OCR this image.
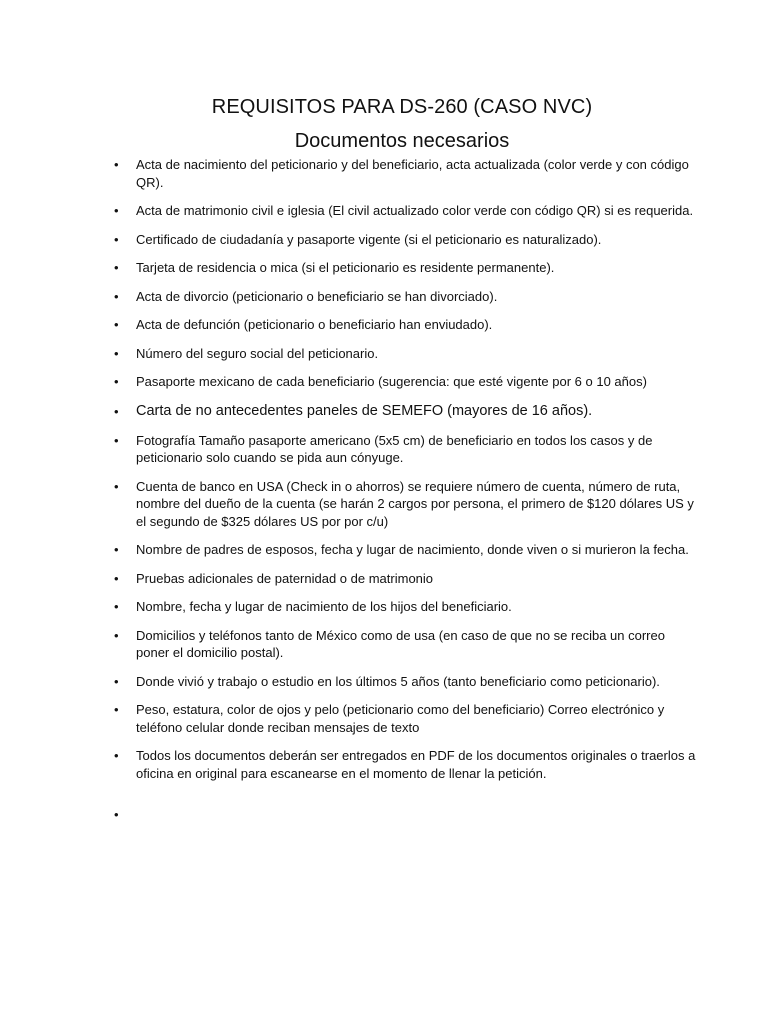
REQUISITOS PARA DS-260 (CASO NVC)
Documentos necesarios
• Acta de nacimiento del peticionario y del beneficiario, acta actualizada (color verde y con código QR).
• Acta de matrimonio civil e iglesia (El civil actualizado color verde con código QR) si es requerida.
• Certificado de ciudadanía y pasaporte vigente (si el peticionario es naturalizado).
• Tarjeta de residencia o mica (si el peticionario es residente permanente).
• Acta de divorcio (peticionario o beneficiario se han divorciado).
• Acta de defunción (peticionario o beneficiario han enviudado).
• Número del seguro social del peticionario.
• Pasaporte mexicano de cada beneficiario (sugerencia: que esté vigente por 6 o 10 años)
• Carta de no antecedentes paneles de SEMEFO (mayores de 16 años).
• Fotografía Tamaño pasaporte americano (5x5 cm) de beneficiario en todos los casos y de peticionario solo cuando se pida aun cónyuge.
• Cuenta de banco en USA (Check in o ahorros) se requiere número de cuenta, número de ruta, nombre del dueño de la cuenta (se harán 2 cargos por persona, el primero de $120 dólares US y el segundo de $325 dólares US por por c/u)
• Nombre de padres de esposos, fecha y lugar de nacimiento, donde viven o si murieron la fecha.
• Pruebas adicionales de paternidad o de matrimonio
• Nombre, fecha y lugar de nacimiento de los hijos del beneficiario.
• Domicilios y teléfonos tanto de México como de usa (en caso de que no se reciba un correo poner el domicilio postal).
• Donde vivió y trabajo o estudio en los últimos 5 años (tanto beneficiario como peticionario).
• Peso, estatura, color de ojos y pelo (peticionario como del beneficiario) Correo electrónico y teléfono celular donde reciban mensajes de texto
• Todos los documentos deberán ser entregados en PDF de los documentos originales o traerlos a oficina en original para escanearse en el momento de llenar la petición.
•
